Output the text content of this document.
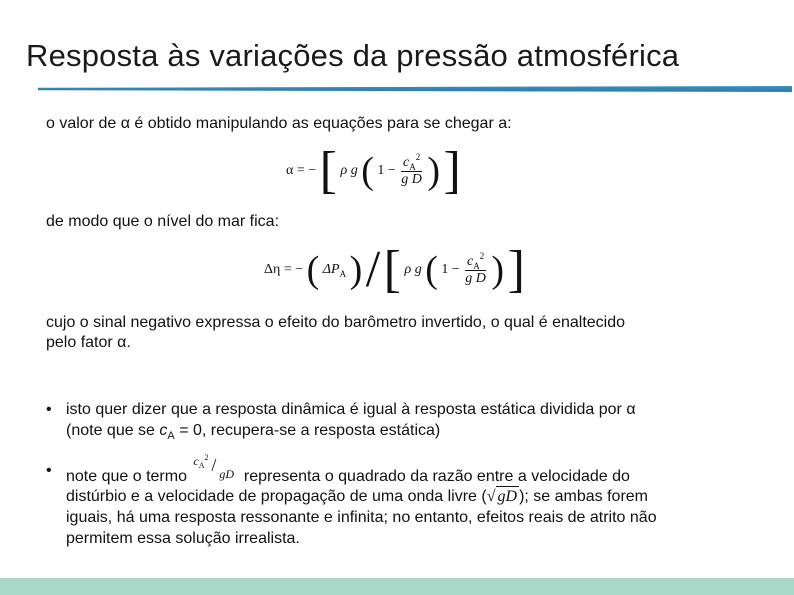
Resposta às variações da pressão atmosférica
o valor de α é obtido manipulando as equações para se chegar a:
α = − [ ρ g ( $1 - \frac{c_A^2}{\text{g D}}$ ) ]
de modo que o nível do mar fica:
Δη = − ( $\Delta P_A$ ) / [ ρ g ( $1 - \frac{c_A^2}{\text{g D}}$ ) ]
cujo o sinal negativo expressa o efeito do barômetro invertido, o qual é enaltecido
pelo fator α.
• isto quer dizer que a resposta dinâmica é igual à resposta estática dividida por α
(note que se $c_A = 0$, recupera-se a resposta estática)
• note que o termo
$c_A^2$ / gD representa o quadrado da razão entre a velocidade do
distúrbio e a velocidade de propagação de uma onda livre (√ gD ); se ambas forem
iguais, há uma resposta ressonante e infinita; no entanto, efeitos reais de atrito não
permitem essa solução irrealista.
